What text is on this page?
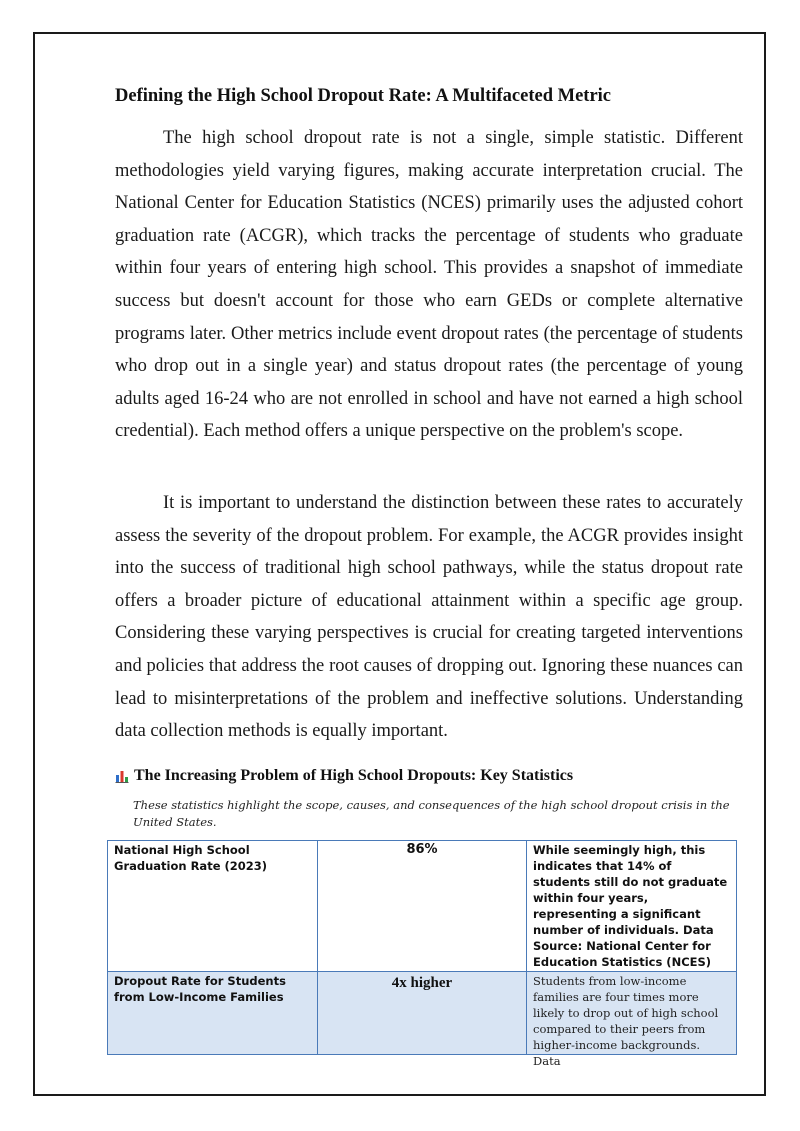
Defining the High School Dropout Rate: A Multifaceted Metric

The high school dropout rate is not a single, simple statistic. Different methodologies yield varying figures, making accurate interpretation crucial. The National Center for Education Statistics (NCES) primarily uses the adjusted cohort graduation rate (ACGR), which tracks the percentage of students who graduate within four years of entering high school. This provides a snapshot of immediate success but doesn't account for those who earn GEDs or complete alternative programs later. Other metrics include event dropout rates (the percentage of students who drop out in a single year) and status dropout rates (the percentage of young adults aged 16-24 who are not enrolled in school and have not earned a high school credential). Each method offers a unique perspective on the problem's scope.

It is important to understand the distinction between these rates to accurately assess the severity of the dropout problem. For example, the ACGR provides insight into the success of traditional high school pathways, while the status dropout rate offers a broader picture of educational attainment within a specific age group. Considering these varying perspectives is crucial for creating targeted interventions and policies that address the root causes of dropping out. Ignoring these nuances can lead to misinterpretations of the problem and ineffective solutions. Understanding data collection methods is equally important.

The Increasing Problem of High School Dropouts: Key Statistics

These statistics highlight the scope, causes, and consequences of the high school dropout crisis in the United States.

National High School Graduation Rate (2023)	86%	While seemingly high, this indicates that 14% of students still do not graduate within four years, representing a significant number of individuals. Data Source: National Center for Education Statistics (NCES)
Dropout Rate for Students from Low-Income Families	4x higher	Students from low-income families are four times more likely to drop out of high school compared to their peers from higher-income backgrounds. Data
